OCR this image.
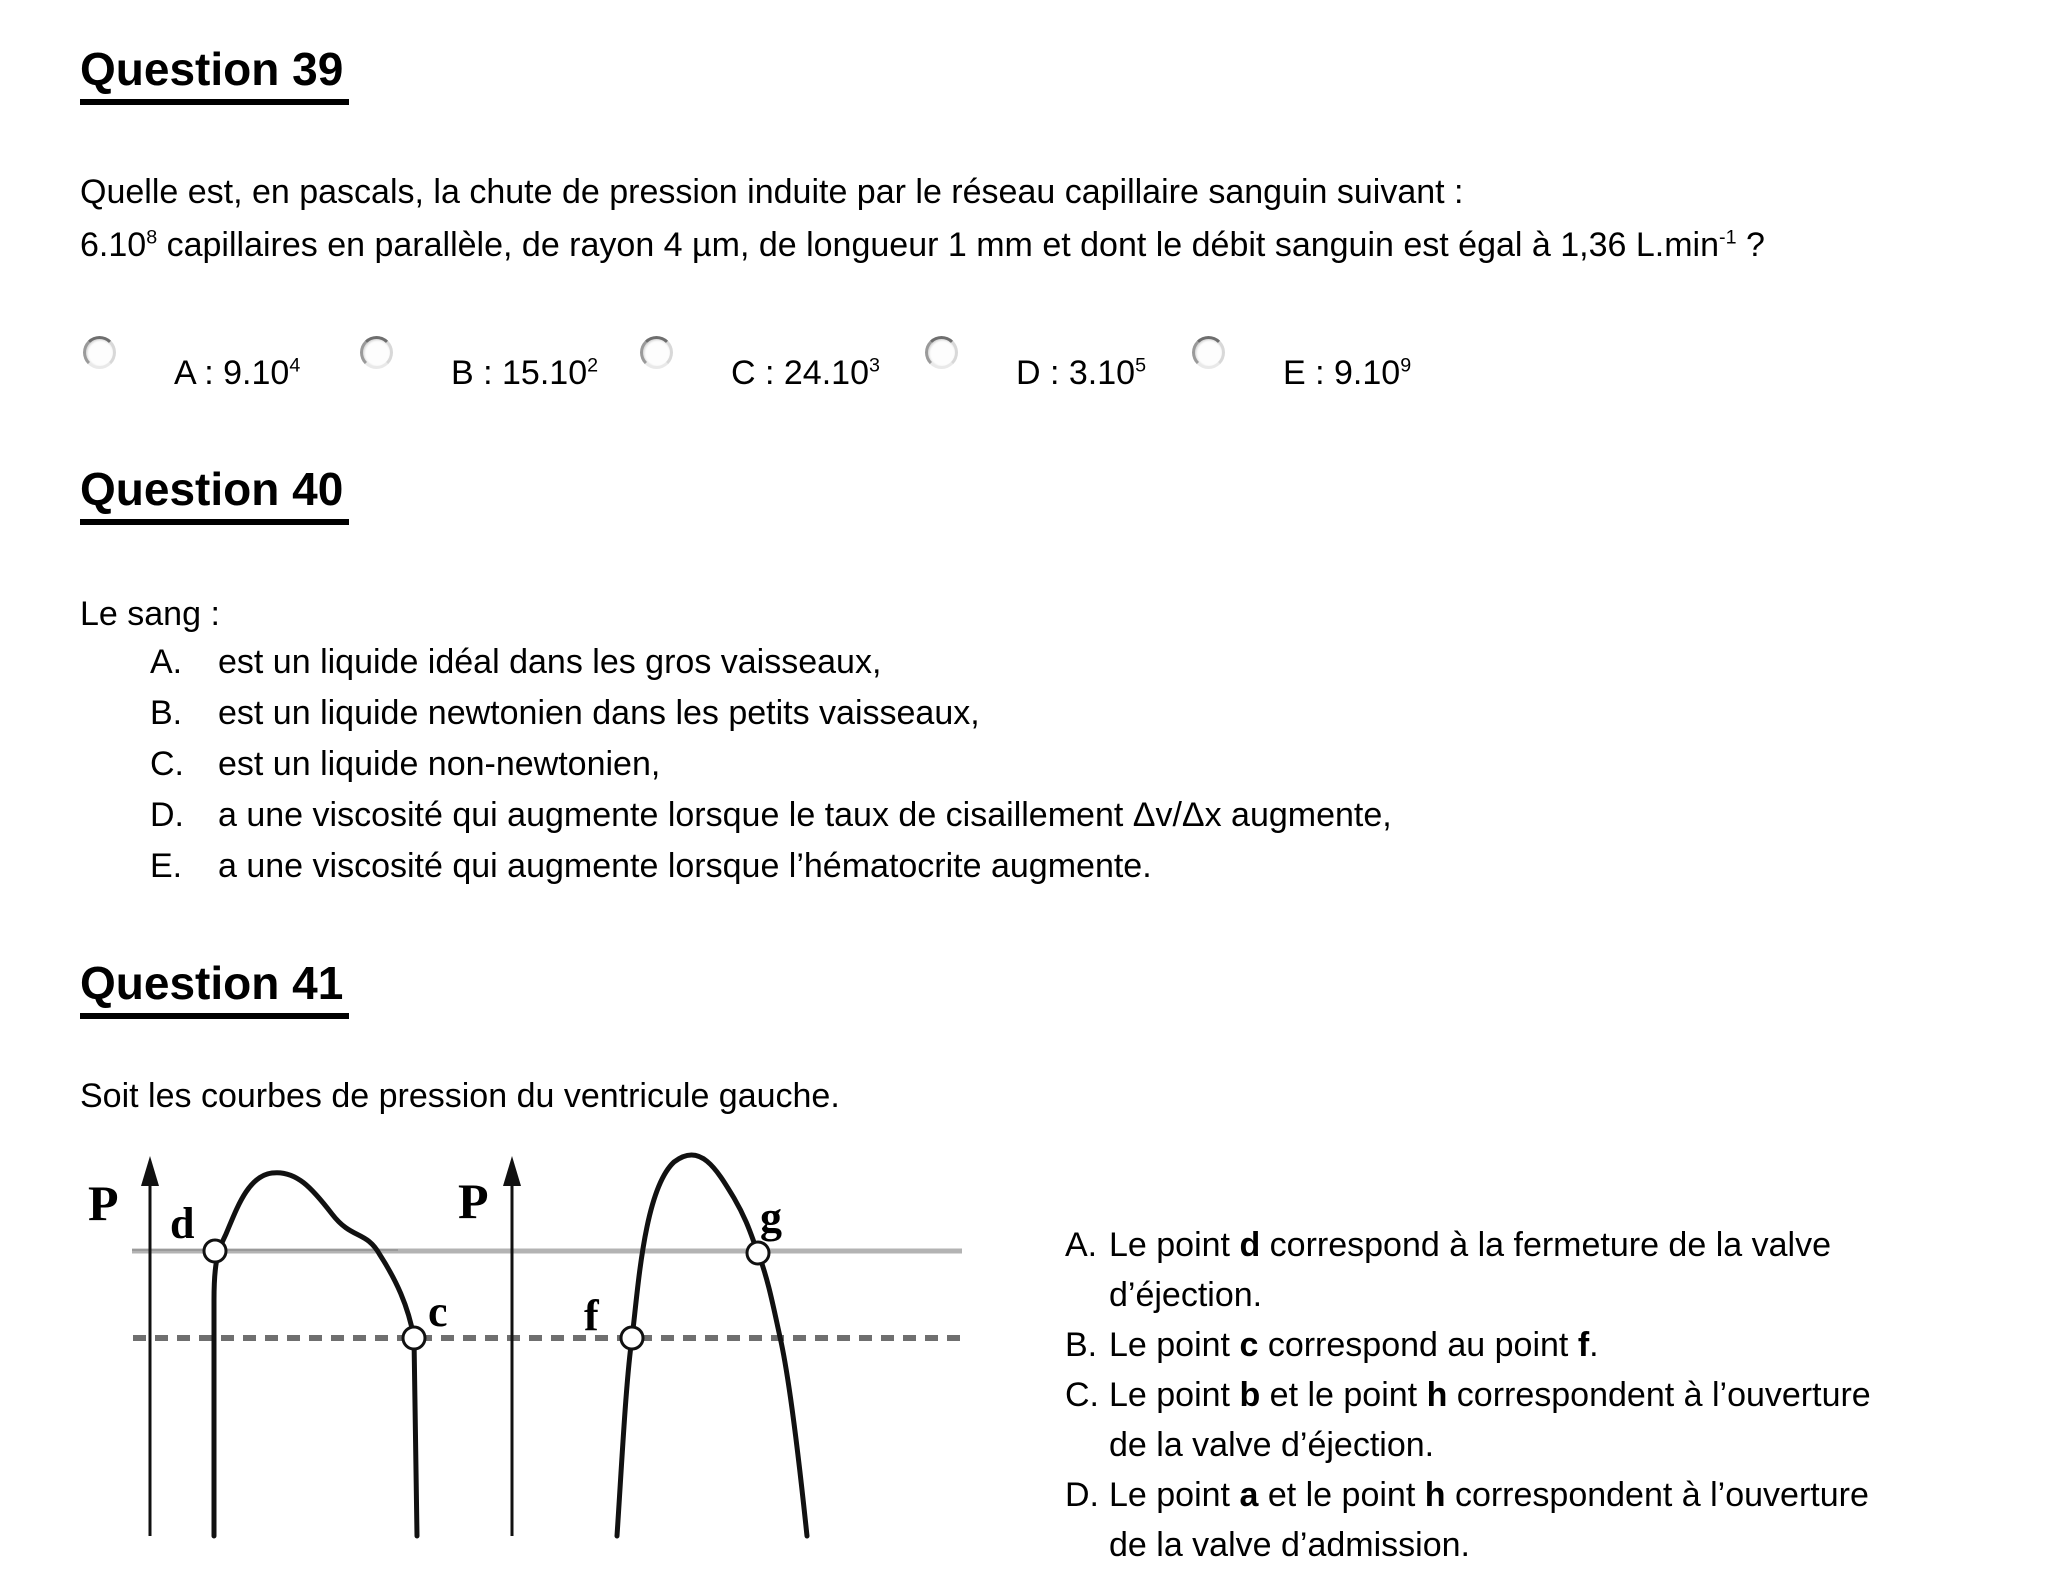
Question 39
Quelle est, en pascals, la chute de pression induite par le réseau capillaire sanguin suivant :
6.10$^8$ capillaires en parallèle, de rayon 4 µm, de longueur 1 mm et dont le débit sanguin est égal à 1,36 $L.\min^{-1}$ ?
A : 9.10$^4$	B : 15.10$^2$	C : 24.10$^3$	D : 3.10$^5$	E : 9.10$^9$
Question 40
Le sang :
A.	est un liquide idéal dans les gros vaisseaux,
B.	est un liquide newtonien dans les petits vaisseaux,
C.	est un liquide non-newtonien,
D.	a une viscosité qui augmente lorsque le taux de cisaillement Δv/Δx augmente,
E.	a une viscosité qui augmente lorsque l’hématocrite augmente.
Question 41
Soit les courbes de pression du ventricule gauche.
P	P
d
c	f
g
A. Le point d correspond à la fermeture de la valve
d’éjection.
B. Le point c correspond au point f.
C. Le point b et le point h correspondent à l’ouverture
de la valve d’éjection.
D. Le point a et le point h correspondent à l’ouverture
de la valve d’admission.
